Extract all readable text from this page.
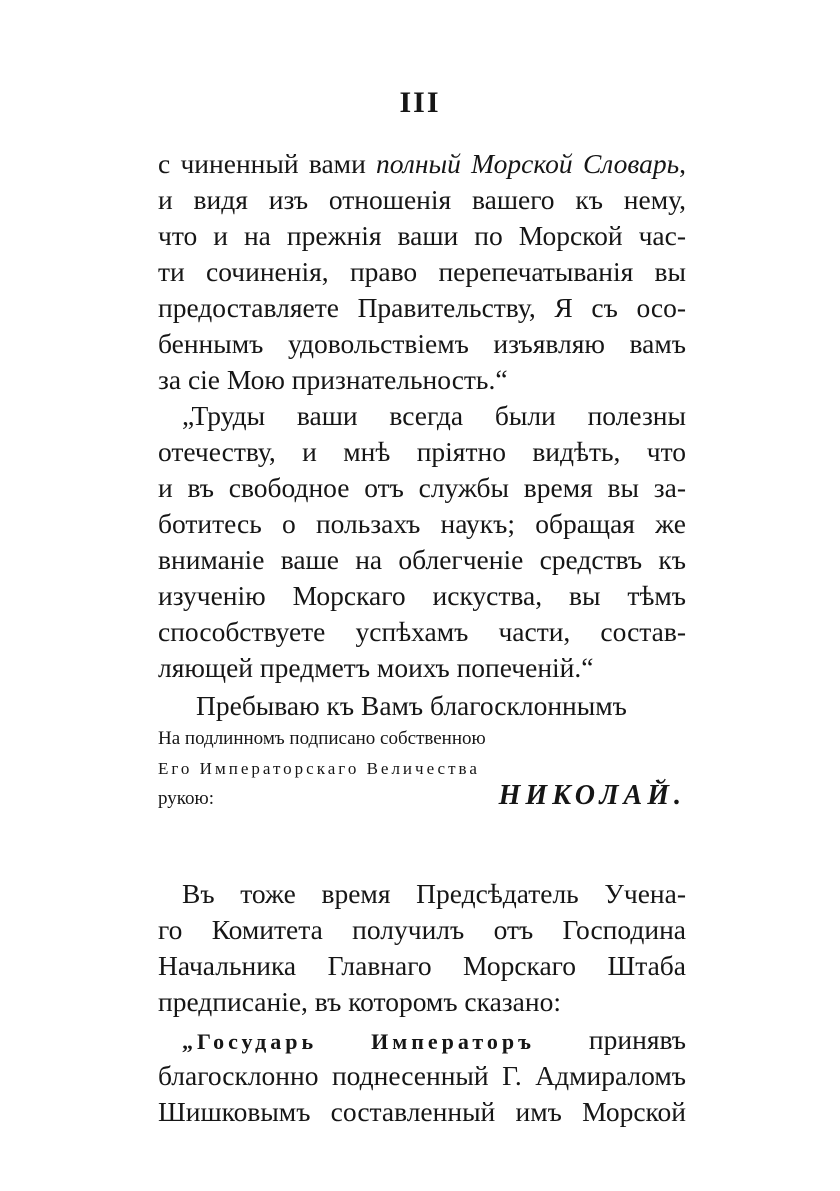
III
с чиненный вами полный Морской Словарь,
и видя изъ отношенія вашего къ нему,
что и на прежнія ваши по Морской час-
ти сочиненія, право перепечатыванія вы
предоставляете Правительству, Я съ осо-
беннымъ удовольствіемъ изъявляю вамъ
за сіе Мою признательность.“
„Труды ваши всегда были полезны
отечеству, и мнѣ пріятно видѣть, что
и въ свободное отъ службы время вы за-
ботитесь о пользахъ наукъ; обращая же
вниманіе ваше на облегченіе средствъ къ
изученію Морскаго искуства, вы тѣмъ
способствуете успѣхамъ части, состав-
ляющей предметъ моихъ попеченій.“
Пребываю къ Вамъ благосклоннымъ
На подлинномъ подписано собственною
Его Императорскаго Величества
рукою:	НИКОЛАЙ.
Въ тоже время Предсѣдатель Учена-
го Комитета получилъ отъ Господина
Начальника Главнаго Морскаго Штаба
предписаніе, въ которомъ сказано:
„Государь Императоръ принявъ
благосклонно поднесенный Г. Адмираломъ
Шишковымъ составленный имъ Морской
